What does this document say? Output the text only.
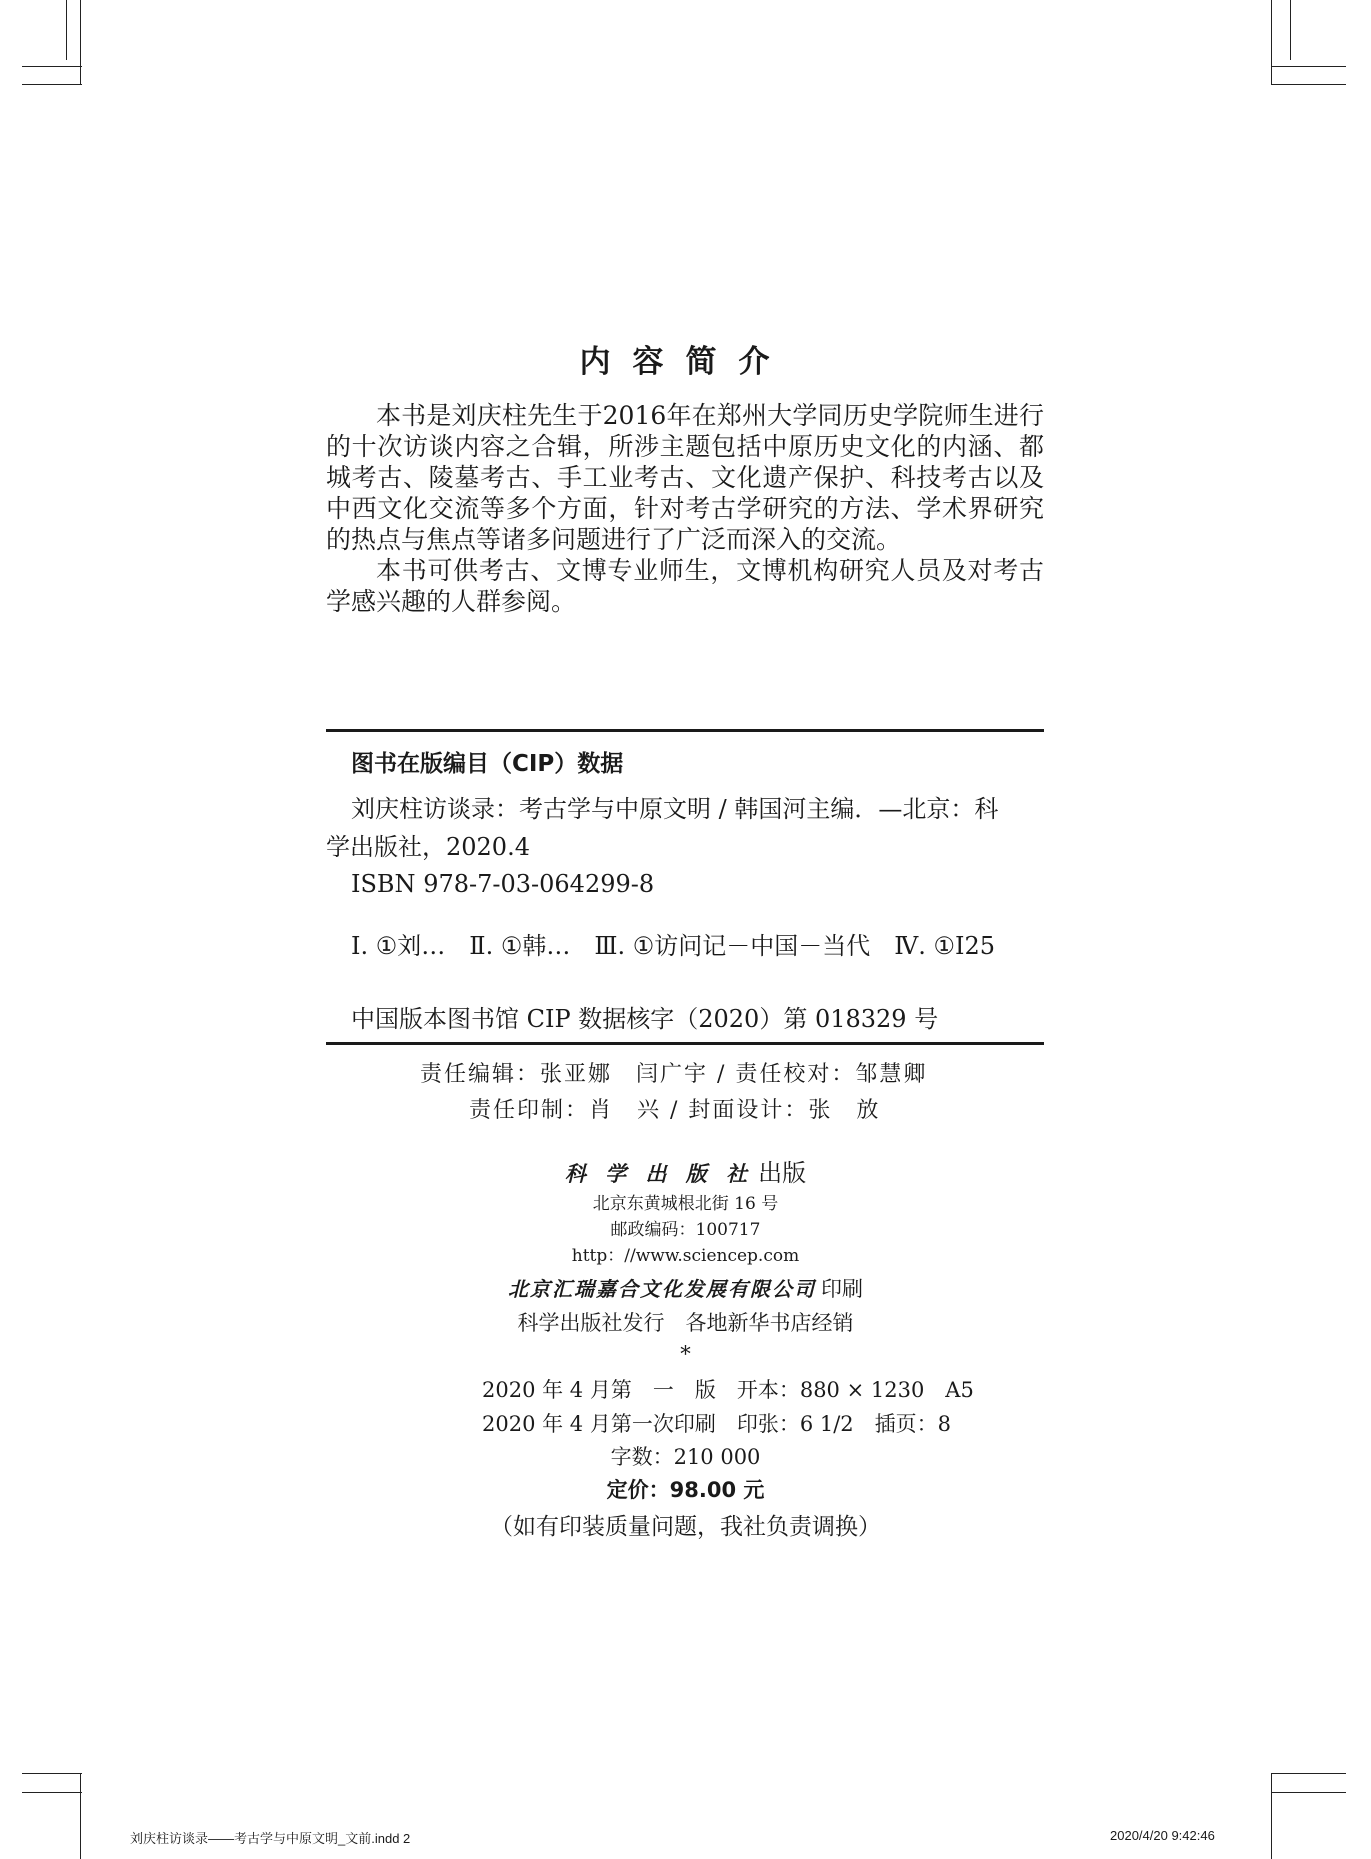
内容简介

本书是刘庆柱先生于2016年在郑州大学同历史学院师生进行的十次访谈内容之合辑，所涉主题包括中原历史文化的内涵、都城考古、陵墓考古、手工业考古、文化遗产保护、科技考古以及中西文化交流等多个方面，针对考古学研究的方法、学术界研究的热点与焦点等诸多问题进行了广泛而深入的交流。

本书可供考古、文博专业师生，文博机构研究人员及对考古学感兴趣的人群参阅。

图书在版编目（CIP）数据
刘庆柱访谈录：考古学与中原文明 / 韩国河主编．—北京：科
学出版社，2020.4
ISBN 978-7-03-064299-8
Ⅰ. ①刘…　Ⅱ. ①韩…　Ⅲ. ①访问记－中国－当代　Ⅳ. ①I25
中国版本图书馆 CIP 数据核字（2020）第 018329 号
责任编辑：张亚娜　闫广宇 / 责任校对：邹慧卿
责任印制：肖　兴 / 封面设计：张　放
科 学 出 版 社 出版
北京东黄城根北街 16 号
邮政编码：100717
http：//www.sciencep.com
北京汇瑞嘉合文化发展有限公司 印刷
科学出版社发行　各地新华书店经销
*
2020 年 4 月第　一　版　开本：880 × 1230　A5
2020 年 4 月第一次印刷　印张：6 1/2　插页：8
字数：210 000
定价：98.00 元
（如有印装质量问题，我社负责调换）
刘庆柱访谈录——考古学与中原文明_文前.indd 2	2020/4/20 9:42:46
